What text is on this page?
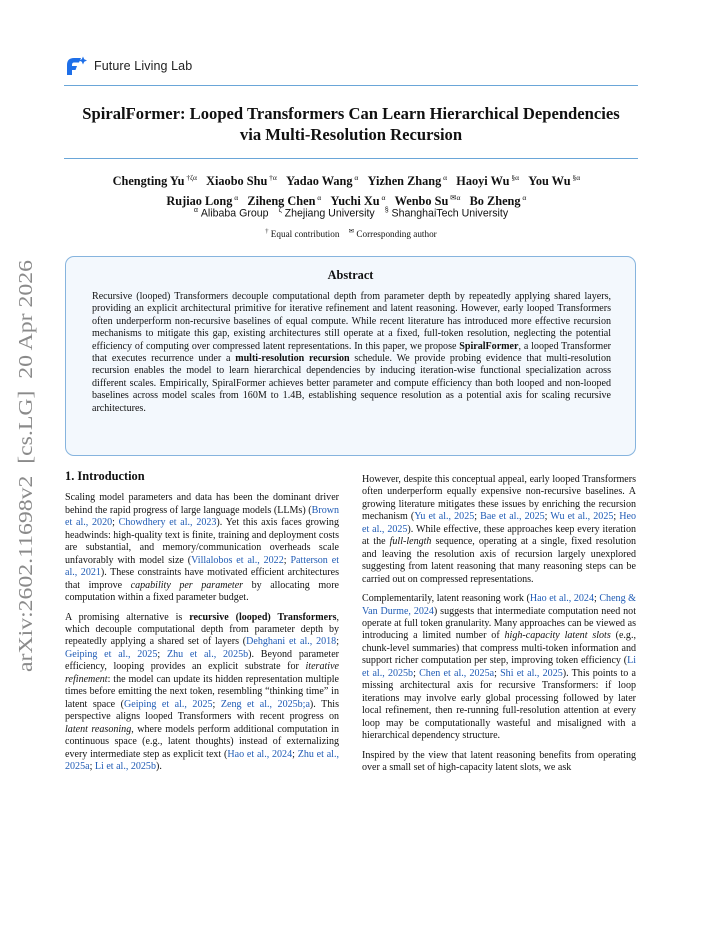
Future Living Lab
SpiralFormer: Looped Transformers Can Learn Hierarchical Dependencies
via Multi-Resolution Recursion
Chengting Yu $^{\dagger\zeta\alpha}$ Xiaobo Shu $^{\dagger\alpha}$ Yadao Wang $^\alpha$ Yizhen Zhang $^\alpha$ Haoyi Wu $^{\S\alpha}$ You Wu $^{\S\alpha}$
Rujiao Long $^\alpha$ Ziheng Chen $^\alpha$ Yuchi Xu $^\alpha$ Wenbo Su $^{✉\alpha}$ Bo Zheng $^\alpha$
$^\alpha$ Alibaba Group $^\zeta$ Zhejiang University § ShanghaiTech University
† Equal contribution ✉ Corresponding author
arXiv:2602.11698v2  [cs.LG]  20 Apr 2026
Abstract
Recursive (looped) Transformers decouple computational depth from parameter depth by repeatedly applying shared layers, providing an explicit architectural primitive for iterative refinement and latent reasoning. However, early looped Transformers often underperform non-recursive baselines of equal compute. While recent literature has introduced more effective recursion mechanisms to mitigate this gap, existing architectures still operate at a fixed, full-token resolution, neglecting the potential efficiency of computing over compressed latent representations. In this paper, we propose SpiralFormer, a looped Transformer that executes recurrence under a multi-resolution recursion schedule. We provide probing evidence that multi-resolution recursion enables the model to learn hierarchical dependencies by inducing iteration-wise functional specialization across different scales. Empirically, SpiralFormer achieves better parameter and compute efficiency than both looped and non-looped baselines across model scales from 160M to 1.4B, establishing sequence resolution as a potential axis for scaling recursive architectures.
1. Introduction

Scaling model parameters and data has been the dominant driver behind the rapid progress of large language models (LLMs) (Brown et al., 2020; Chowdhery et al., 2023). Yet this axis faces growing headwinds: high-quality text is finite, training and deployment costs are substantial, and memory/communication overheads scale unfavorably with model size (Villalobos et al., 2022; Patterson et al., 2021). These constraints have motivated efficient architectures that improve capability per parameter by allocating more computation within a fixed parameter budget.

A promising alternative is recursive (looped) Transformers, which decouple computational depth from parameter depth by repeatedly applying a shared set of layers (Dehghani et al., 2018; Geiping et al., 2025; Zhu et al., 2025b). Beyond parameter efficiency, looping provides an explicit substrate for iterative refinement: the model can update its hidden representation multiple times before emitting the next token, resembling “thinking time” in latent space (Geiping et al., 2025; Zeng et al., 2025b;a). This perspective aligns looped Transformers with recent progress on latent reasoning, where models perform additional computation in continuous space (e.g., latent thoughts) instead of externalizing every intermediate step as explicit text (Hao et al., 2024; Zhu et al., 2025a; Li et al., 2025b).

However, despite this conceptual appeal, early looped Transformers often underperform equally expensive non-recursive baselines. A growing literature mitigates these issues by enriching the recursion mechanism (Yu et al., 2025; Bae et al., 2025; Wu et al., 2025; Heo et al., 2025). While effective, these approaches keep every iteration at the full-length sequence, operating at a single, fixed resolution and leaving the resolution axis of recursion largely unexplored suggesting from latent reasoning that many reasoning steps can be carried out on compressed representations.

Complementarily, latent reasoning work (Hao et al., 2024; Cheng & Van Durme, 2024) suggests that intermediate computation need not operate at full token granularity. Many approaches can be viewed as introducing a limited number of high-capacity latent slots (e.g., chunk-level summaries) that compress multi-token information and support richer computation per step, improving token efficiency (Li et al., 2025b; Chen et al., 2025a; Shi et al., 2025). This points to a missing architectural axis for recursive Transformers: if loop iterations may involve early global processing followed by later local refinement, then re-running full-resolution attention at every loop may be computationally wasteful and misaligned with a hierarchical dependency structure.

Inspired by the view that latent reasoning benefits from operating over a small set of high-capacity latent slots, we ask
